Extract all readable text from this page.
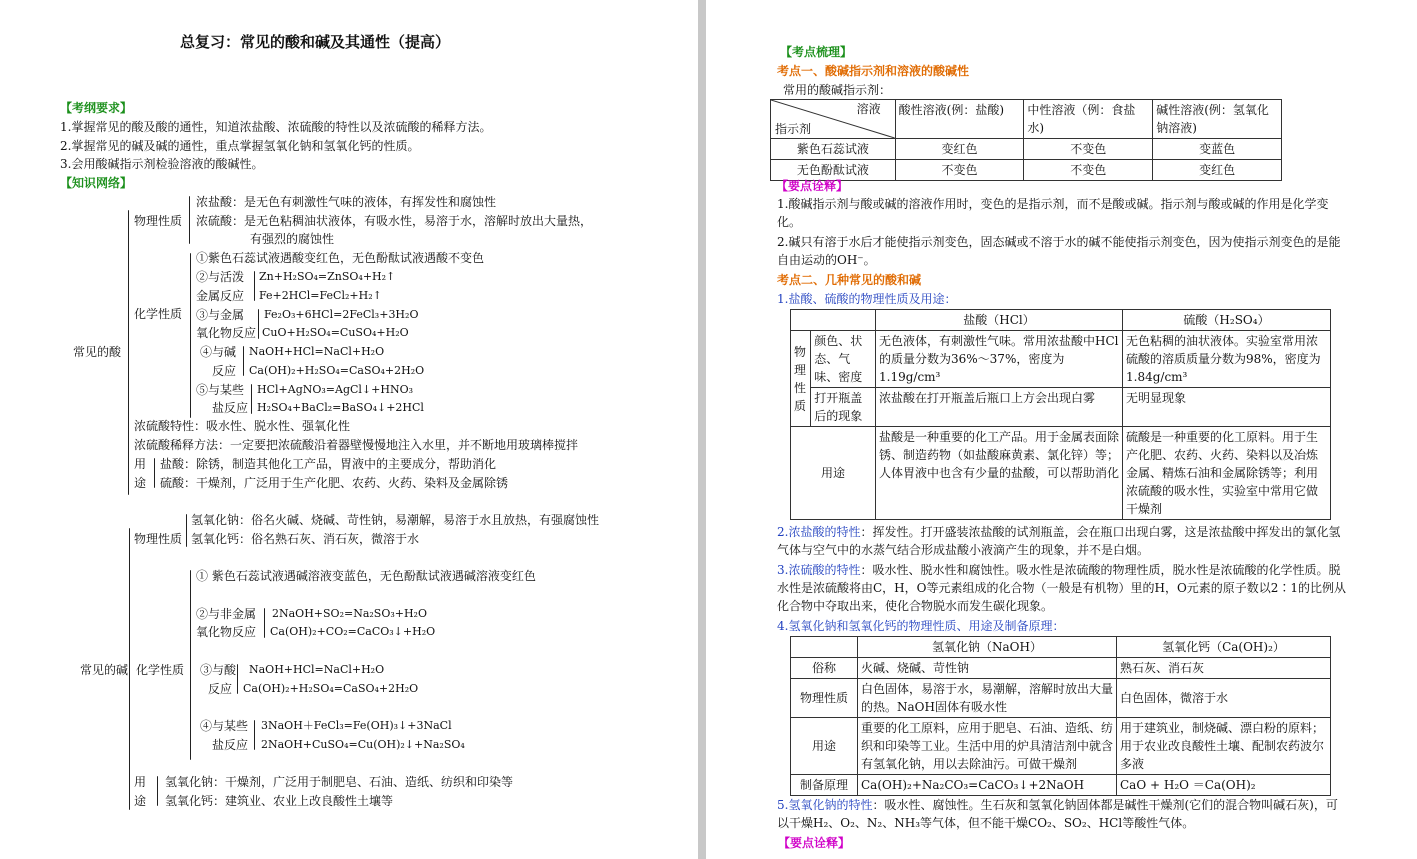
总复习：常见的酸和碱及其通性（提高）
【考纲要求】
1.掌握常见的酸及酸的通性，知道浓盐酸、浓硫酸的特性以及浓硫酸的稀释方法。
2.掌握常见的碱及碱的通性，重点掌握氢氧化钠和氢氧化钙的性质。
3.会用酸碱指示剂检验溶液的酸碱性。
【知识网络】
常见的酸
物理性质
浓盐酸：是无色有刺激性气味的液体，有挥发性和腐蚀性
浓硫酸：是无色粘稠油状液体，有吸水性，易溶于水，溶解时放出大量热，
有强烈的腐蚀性
化学性质
①紫色石蕊试液遇酸变红色，无色酚酞试液遇酸不变色
②与活泼
金属反应
Zn+H₂SO₄=ZnSO₄+H₂↑
Fe+2HCl=FeCl₂+H₂↑
③与金属
氧化物反应
Fe₂O₃+6HCl=2FeCl₃+3H₂O
CuO+H₂SO₄=CuSO₄+H₂O
④与碱
反应
NaOH+HCl=NaCl+H₂O
Ca(OH)₂+H₂SO₄=CaSO₄+2H₂O
⑤与某些
盐反应
HCl+AgNO₃=AgCl↓+HNO₃
H₂SO₄+BaCl₂=BaSO₄↓+2HCl
浓硫酸特性：吸水性、脱水性、强氧化性
浓硫酸稀释方法：一定要把浓硫酸沿着器壁慢慢地注入水里，并不断地用玻璃棒搅拌
用
途
盐酸：除锈，制造其他化工产品，胃液中的主要成分，帮助消化
硫酸：干燥剂，广泛用于生产化肥、农药、火药、染料及金属除锈
常见的碱
物理性质
氢氧化钠：俗名火碱、烧碱、苛性钠，易潮解，易溶于水且放热，有强腐蚀性
氢氧化钙：俗名熟石灰、消石灰，微溶于水
化学性质
① 紫色石蕊试液遇碱溶液变蓝色，无色酚酞试液遇碱溶液变红色
②与非金属
氧化物反应
2NaOH+SO₂=Na₂SO₃+H₂O
Ca(OH)₂+CO₂=CaCO₃↓+H₂O
③与酸
反应
NaOH+HCl=NaCl+H₂O
Ca(OH)₂+H₂SO₄=CaSO₄+2H₂O
④与某些
盐反应
3NaOH＋FeCl₃=Fe(OH)₃↓+3NaCl
2NaOH+CuSO₄=Cu(OH)₂↓+Na₂SO₄
用
途
氢氧化钠：干燥剂，广泛用于制肥皂、石油、造纸、纺织和印染等
氢氧化钙：建筑业、农业上改良酸性土壤等
【考点梳理】
考点一、酸碱指示剂和溶液的酸碱性
常用的酸碱指示剂：
溶液
指示剂	酸性溶液(例：盐酸)	中性溶液（例：食盐水)	碱性溶液(例：氢氧化钠溶液)
紫色石蕊试液	变红色	不变色	变蓝色
无色酚酞试液	不变色	不变色	变红色
【要点诠释】
1.酸碱指示剂与酸或碱的溶液作用时，变色的是指示剂，而不是酸或碱。指示剂与酸或碱的作用是化学变化。
2.碱只有溶于水后才能使指示剂变色，固态碱或不溶于水的碱不能使指示剂变色，因为使指示剂变色的是能自由运动的OH⁻。
考点二、几种常见的酸和碱
1.盐酸、硫酸的物理性质及用途：
		盐酸（HCl）	硫酸（H₂SO₄）
物理性质	颜色、状态、气味、密度	无色液体，有刺激性气味。常用浓盐酸中HCl的质量分数为36%～37%，密度为1.19g/cm³	无色粘稠的油状液体。实验室常用浓硫酸的溶质质量分数为98%，密度为1.84g/cm³
	打开瓶盖后的现象	浓盐酸在打开瓶盖后瓶口上方会出现白雾	无明显现象
用途		盐酸是一种重要的化工产品。用于金属表面除锈、制造药物（如盐酸麻黄素、氯化锌）等；人体胃液中也含有少量的盐酸，可以帮助消化	硫酸是一种重要的化工原料。用于生产化肥、农药、火药、染料以及冶炼金属、精炼石油和金属除锈等；利用浓硫酸的吸水性，实验室中常用它做干燥剂
2.浓盐酸的特性：挥发性。打开盛装浓盐酸的试剂瓶盖，会在瓶口出现白雾，这是浓盐酸中挥发出的氯化氢气体与空气中的水蒸气结合形成盐酸小液滴产生的现象，并不是白烟。
3.浓硫酸的特性：吸水性、脱水性和腐蚀性。吸水性是浓硫酸的物理性质，脱水性是浓硫酸的化学性质。脱水性是浓硫酸将由C，H，O等元素组成的化合物（一般是有机物）里的H，O元素的原子数以2∶1的比例从化合物中夺取出来，使化合物脱水而发生碳化现象。
4.氢氧化钠和氢氧化钙的物理性质、用途及制备原理：
	氢氧化钠（NaOH）	氢氧化钙（Ca(OH)₂）
俗称	火碱、烧碱、苛性钠	熟石灰、消石灰
物理性质	白色固体，易溶于水，易潮解，溶解时放出大量的热。NaOH固体有吸水性	白色固体，微溶于水
用途	重要的化工原料，应用于肥皂、石油、造纸、纺织和印染等工业。生活中用的炉具清洁剂中就含有氢氧化钠，用以去除油污。可做干燥剂	用于建筑业，制烧碱、漂白粉的原料；用于农业改良酸性土壤、配制农药波尔多液
制备原理	Ca(OH)₂+Na₂CO₃=CaCO₃↓+2NaOH	CaO + H₂O ＝Ca(OH)₂
5.氢氧化钠的特性：吸水性、腐蚀性。生石灰和氢氧化钠固体都是碱性干燥剂(它们的混合物叫碱石灰)，可以干燥H₂、O₂、N₂、NH₃等气体，但不能干燥CO₂、SO₂、HCl等酸性气体。
【要点诠释】
